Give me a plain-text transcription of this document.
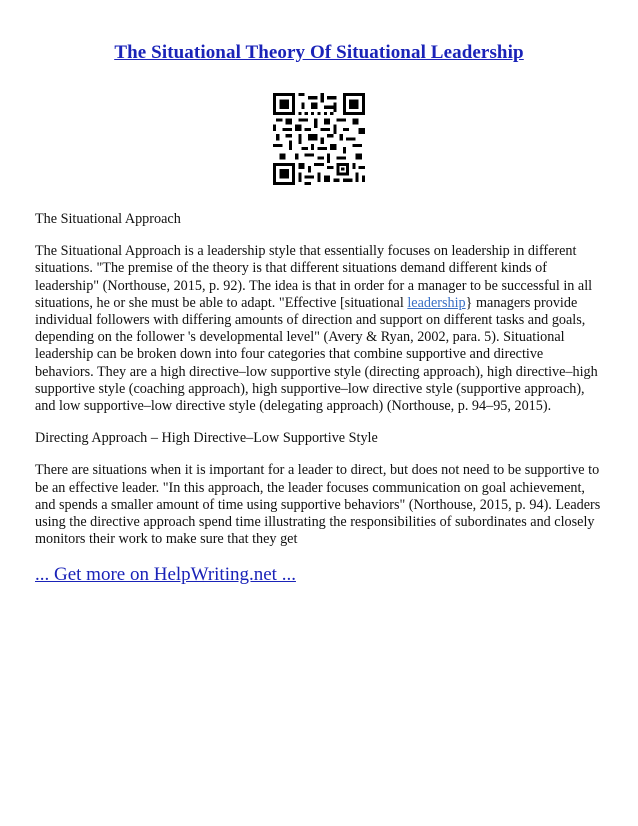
The Situational Theory Of Situational Leadership

The Situational Approach

The Situational Approach is a leadership style that essentially focuses on leadership in different situations. "The premise of the theory is that different situations demand different kinds of leadership" (Northouse, 2015, p. 92). The idea is that in order for a manager to be successful in all situations, he or she must be able to adapt. "Effective [situational leadership} managers provide individual followers with differing amounts of direction and support on different tasks and goals, depending on the follower 's developmental level" (Avery & Ryan, 2002, para. 5). Situational leadership can be broken down into four categories that combine supportive and directive behaviors. They are a high directive–low supportive style (directing approach), high directive–high supportive style (coaching approach), high supportive–low directive style (supportive approach), and low supportive–low directive style (delegating approach) (Northouse, p. 94–95, 2015).

Directing Approach – High Directive–Low Supportive Style

There are situations when it is important for a leader to direct, but does not need to be supportive to be an effective leader. "In this approach, the leader focuses communication on goal achievement, and spends a smaller amount of time using supportive behaviors" (Northouse, 2015, p. 94). Leaders using the directive approach spend time illustrating the responsibilities of subordinates and closely monitors their work to make sure that they get

... Get more on HelpWriting.net ...
